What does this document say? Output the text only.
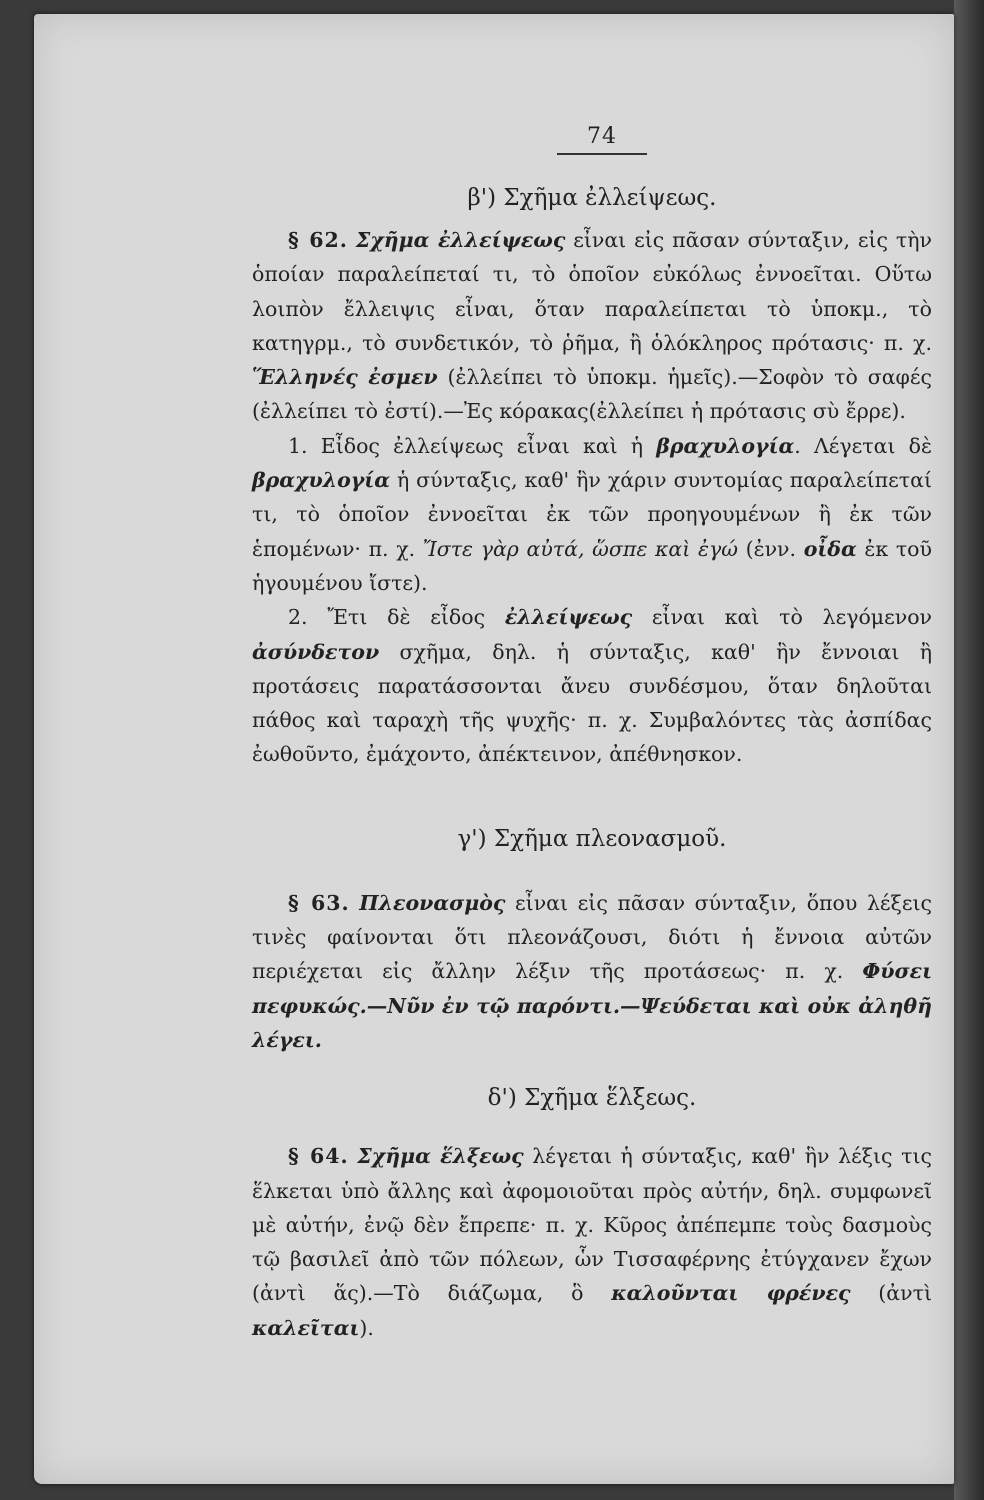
74

β') Σχῆμα ἐλλείψεως.

§ 62. Σχῆμα ἐλλείψεως εἶναι εἰς πᾶσαν σύνταξιν, εἰς τὴν ὁποίαν παραλείπεταί τι, τὸ ὁποῖον εὐκόλως ἐννοεῖται. Οὕτω λοιπὸν ἔλλειψις εἶναι, ὅταν παραλείπεται τὸ ὑποκμ., τὸ κατηγρμ., τὸ συνδετικόν, τὸ ῥῆμα, ἢ ὁλόκληρος πρότασις· π. χ. Ἕλληνές ἐσμεν (ἐλλείπει τὸ ὑποκμ. ἡμεῖς).—Σοφὸν τὸ σαφές (ἐλλείπει τὸ ἐστί).—Ἐς κόρακας(ἐλλείπει ἡ πρότασις σὺ ἔρρε).

1. Εἶδος ἐλλείψεως εἶναι καὶ ἡ βραχυλογία. Λέγεται δὲ βραχυλογία ἡ σύνταξις, καθ' ἣν χάριν συντομίας παραλείπεταί τι, τὸ ὁποῖον ἐννοεῖται ἐκ τῶν προηγουμένων ἢ ἐκ τῶν ἑπομένων· π. χ. Ἴστε γὰρ αὐτά, ὥσπε καὶ ἐγώ (ἐνν. οἶδα ἐκ τοῦ ἡγουμένου ἴστε).

2. Ἔτι δὲ εἶδος ἐλλείψεως εἶναι καὶ τὸ λεγόμενον ἀσύνδετον σχῆμα, δηλ. ἡ σύνταξις, καθ' ἣν ἔννοιαι ἢ προτάσεις παρατάσσονται ἄνευ συνδέσμου, ὅταν δηλοῦται πάθος καὶ ταραχὴ τῆς ψυχῆς· π. χ. Συμβαλόντες τὰς ἀσπίδας ἐωθοῦντο, ἐμάχοντο, ἀπέκτεινον, ἀπέθνησκον.

γ') Σχῆμα πλεονασμοῦ.

§ 63. Πλεονασμὸς εἶναι εἰς πᾶσαν σύνταξιν, ὅπου λέξεις τινὲς φαίνονται ὅτι πλεονάζουσι, διότι ἡ ἔννοια αὐτῶν περιέχεται εἰς ἄλλην λέξιν τῆς προτάσεως· π. χ. Φύσει πεφυκώς.—Νῦν ἐν τῷ παρόντι.—Ψεύδεται καὶ οὐκ ἀληθῆ λέγει.

δ') Σχῆμα ἕλξεως.

§ 64. Σχῆμα ἕλξεως λέγεται ἡ σύνταξις, καθ' ἣν λέξις τις ἕλκεται ὑπὸ ἄλλης καὶ ἀφομοιοῦται πρὸς αὐτήν, δηλ. συμφωνεῖ μὲ αὐτήν, ἐνῷ δὲν ἔπρεπε· π. χ. Κῦρος ἀπέπεμπε τοὺς δασμοὺς τῷ βασιλεῖ ἀπὸ τῶν πόλεων, ὧν Τισσαφέρνης ἐτύγχανεν ἔχων (ἀντὶ ἅς).—Τὸ διάζωμα, ὃ καλοῦνται φρένες (ἀντὶ καλεῖται).
